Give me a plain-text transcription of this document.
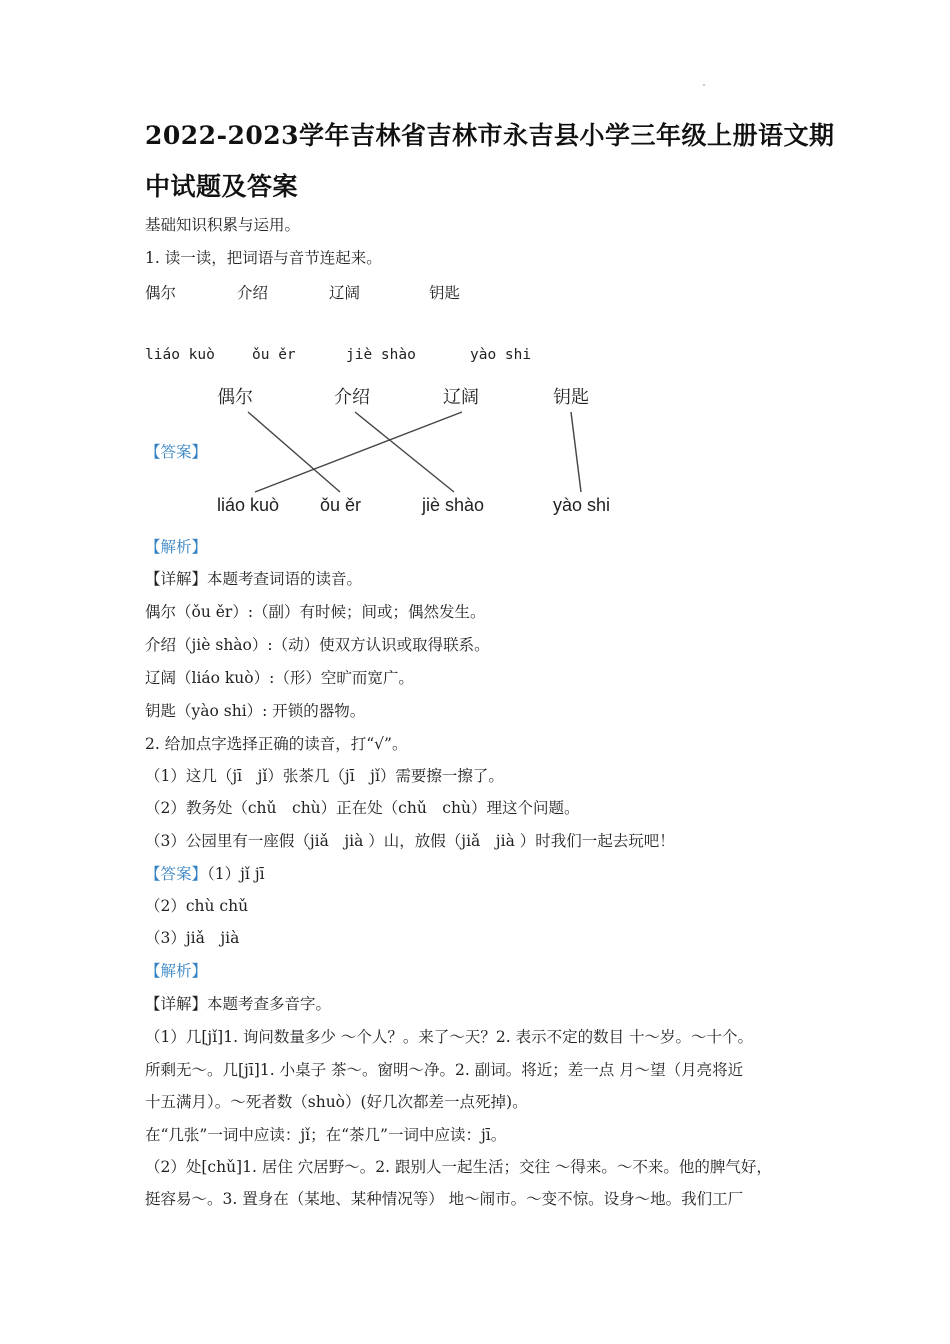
2022-2023学年吉林省吉林市永吉县小学三年级上册语文期
中试题及答案
基础知识积累与运用。
1. 读一读，把词语与音节连起来。
偶尔	介绍	辽阔	钥匙
liáo kuò	ǒu ěr	jiè shào	yào shi
【答案】
偶尔	介绍	辽阔	钥匙
liáo kuò ǒu ěr	jiè shào	yào shi
【解析】
【详解】本题考查词语的读音。
偶尔（ǒu ěr）:（副）有时候；间或；偶然发生。
介绍（jiè shào）:（动）使双方认识或取得联系。
辽阔（liáo kuò）:（形）空旷而宽广。
钥匙（yào shi）: 开锁的器物。
2. 给加点字选择正确的读音，打“√”。
（1）这几（jī　jǐ）张茶几（jī　jǐ）需要擦一擦了。
（2）教务处（chǔ　chù）正在处（chǔ　chù）理这个问题。
（3）公园里有一座假（jiǎ　jià ）山，放假（jiǎ　jià ）时我们一起去玩吧！
【答案】（1）jǐ jī
（2）chù chǔ
（3）jiǎ　jià
【解析】
【详解】本题考查多音字。
（1）几[jǐ]1. 询问数量多少 ～个人？。来了～天？2. 表示不定的数目 十～岁。～十个。
所剩无～。几[jī]1. 小桌子 茶～。窗明～净。2. 副词。将近；差一点 月～望（月亮将近
十五满月）。～死者数（shuò）(好几次都差一点死掉)。
在“几张”一词中应读：jǐ；在“茶几”一词中应读：jī。
（2）处[chǔ]1. 居住 穴居野～。2. 跟别人一起生活；交往 ～得来。～不来。他的脾气好，
挺容易～。3. 置身在（某地、某种情况等） 地～闹市。～变不惊。设身～地。我们工厂
